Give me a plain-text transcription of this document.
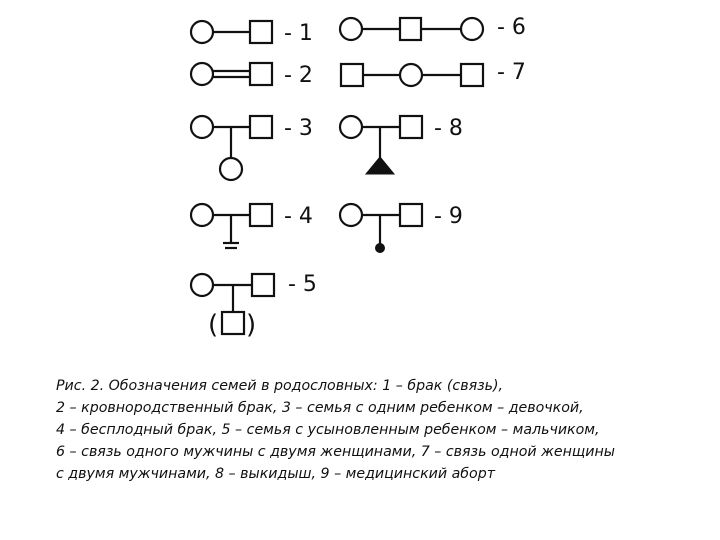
- 1
- 2
- 3
- 4
( )
- 5
- 6
- 7
- 8
- 9
Рис. 2. Обозначения семей в родословных: 1 – брак (связь),
2 – кровнородственный брак, 3 – семья с одним ребенком – девочкой,
4 – бесплодный брак, 5 – семья с усыновленным ребенком – мальчиком,
6 – связь одного мужчины с двумя женщинами, 7 – связь одной женщины
с двумя мужчинами, 8 – выкидыш, 9 – медицинский аборт
